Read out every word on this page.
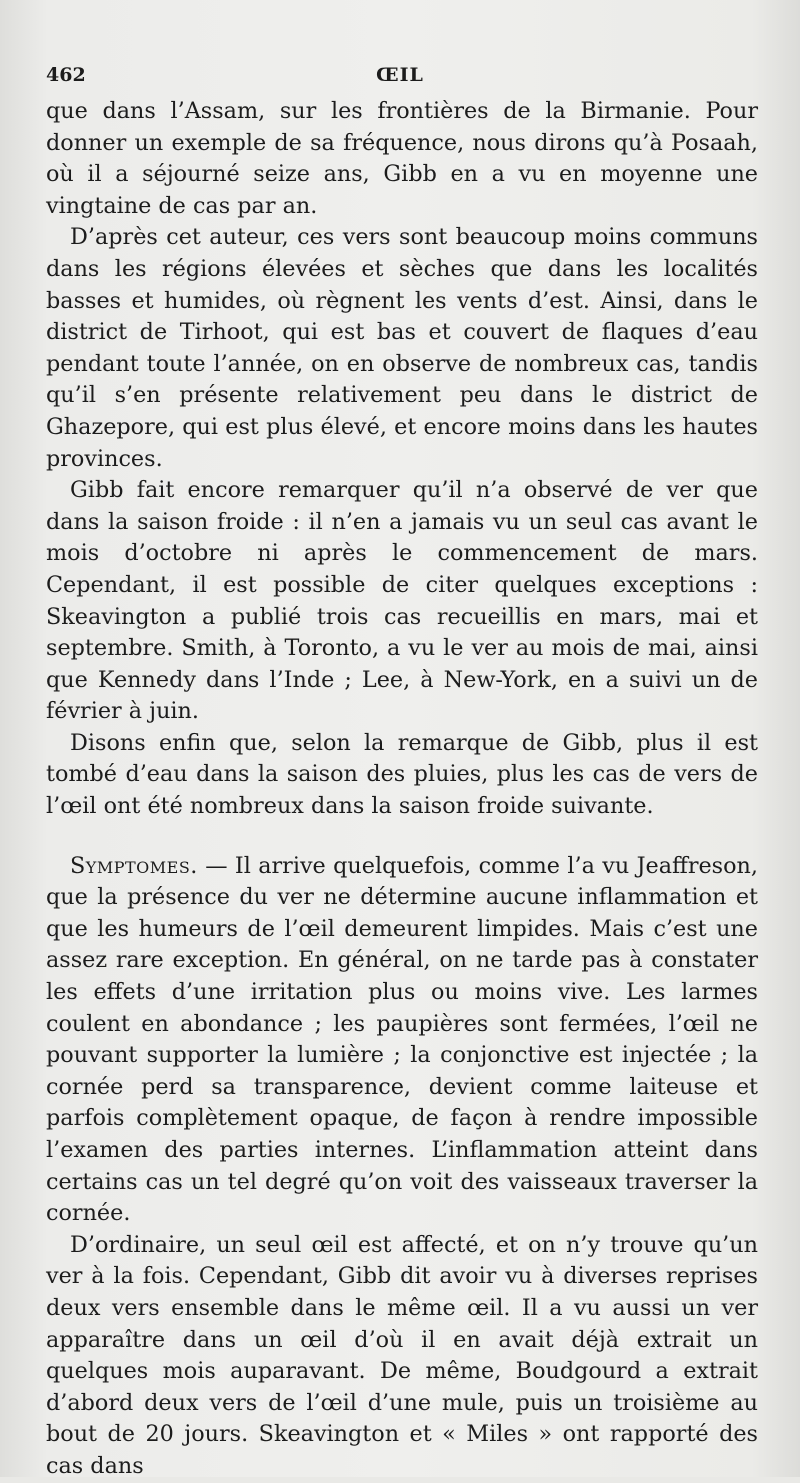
462	ŒIL

que dans l’Assam, sur les frontières de la Birmanie. Pour donner un exemple de sa fréquence, nous dirons qu’à Posaah, où il a séjourné seize ans, Gibb en a vu en moyenne une vingtaine de cas par an.

D’après cet auteur, ces vers sont beaucoup moins communs dans les régions élevées et sèches que dans les localités basses et humides, où règnent les vents d’est. Ainsi, dans le district de Tirhoot, qui est bas et couvert de flaques d’eau pendant toute l’année, on en observe de nombreux cas, tandis qu’il s’en présente relativement peu dans le district de Ghazepore, qui est plus élevé, et encore moins dans les hautes provinces.

Gibb fait encore remarquer qu’il n’a observé de ver que dans la saison froide : il n’en a jamais vu un seul cas avant le mois d’octobre ni après le commencement de mars. Cependant, il est possible de citer quelques exceptions : Skeavington a publié trois cas recueillis en mars, mai et septembre. Smith, à Toronto, a vu le ver au mois de mai, ainsi que Kennedy dans l’Inde ; Lee, à New-York, en a suivi un de février à juin.

Disons enfin que, selon la remarque de Gibb, plus il est tombé d’eau dans la saison des pluies, plus les cas de vers de l’œil ont été nombreux dans la saison froide suivante.

Symptomes. — Il arrive quelquefois, comme l’a vu Jeaffreson, que la présence du ver ne détermine aucune inflammation et que les humeurs de l’œil demeurent limpides. Mais c’est une assez rare exception. En général, on ne tarde pas à constater les effets d’une irritation plus ou moins vive. Les larmes coulent en abondance ; les paupières sont fermées, l’œil ne pouvant supporter la lumière ; la conjonctive est injectée ; la cornée perd sa transparence, devient comme laiteuse et parfois complètement opaque, de façon à rendre impossible l’examen des parties internes. L’inflammation atteint dans certains cas un tel degré qu’on voit des vaisseaux traverser la cornée.

D’ordinaire, un seul œil est affecté, et on n’y trouve qu’un ver à la fois. Cependant, Gibb dit avoir vu à diverses reprises deux vers ensemble dans le même œil. Il a vu aussi un ver apparaître dans un œil d’où il en avait déjà extrait un quelques mois auparavant. De même, Boudgourd a extrait d’abord deux vers de l’œil d’une mule, puis un troisième au bout de 20 jours. Skeavington et « Miles » ont rapporté des cas dans
